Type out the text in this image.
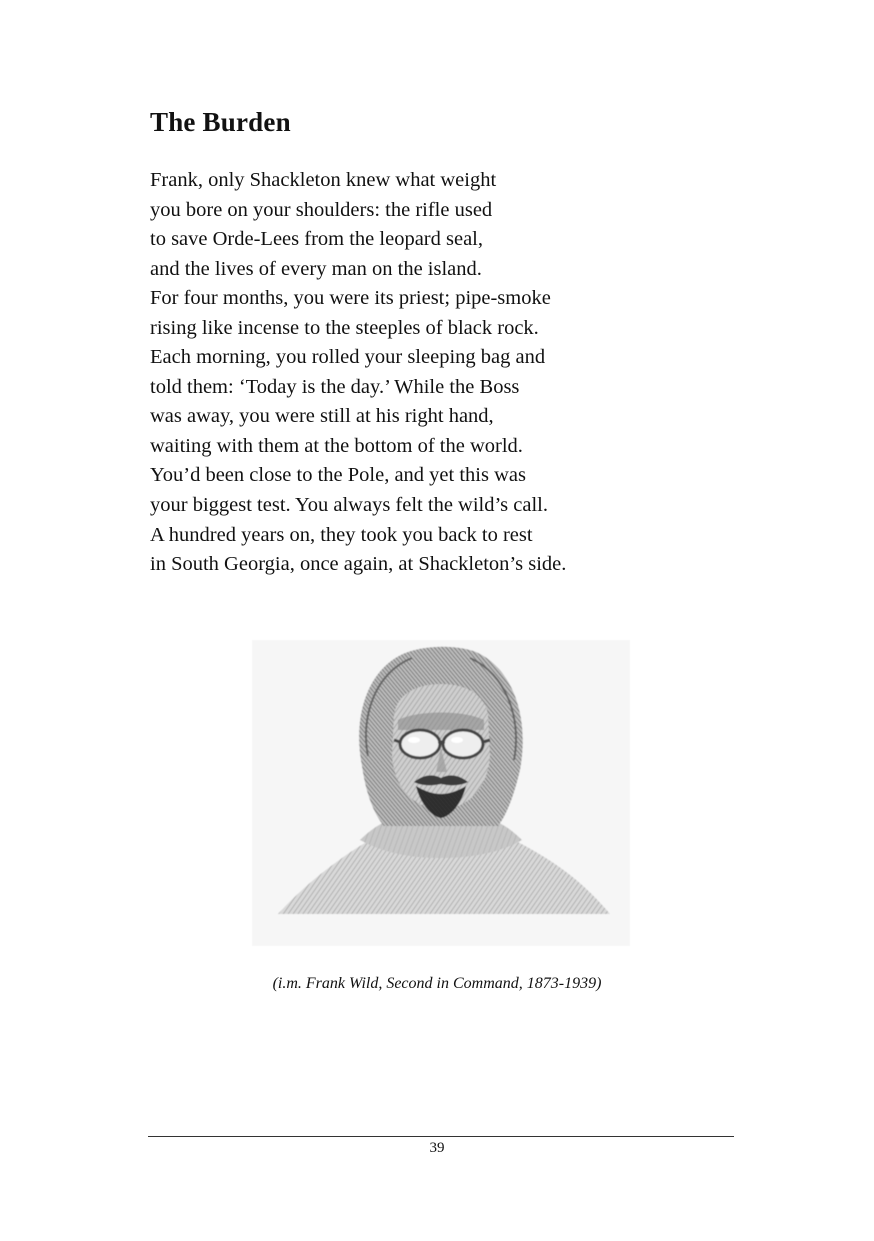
The Burden
Frank, only Shackleton knew what weight
you bore on your shoulders: the rifle used
to save Orde-Lees from the leopard seal,
and the lives of every man on the island.
For four months, you were its priest; pipe-smoke
rising like incense to the steeples of black rock.
Each morning, you rolled your sleeping bag and
told them: ‘Today is the day.’ While the Boss
was away, you were still at his right hand,
waiting with them at the bottom of the world.
You’d been close to the Pole, and yet this was
your biggest test. You always felt the wild’s call.
A hundred years on, they took you back to rest
in South Georgia, once again, at Shackleton’s side.
(i.m. Frank Wild, Second in Command, 1873-1939)
39
